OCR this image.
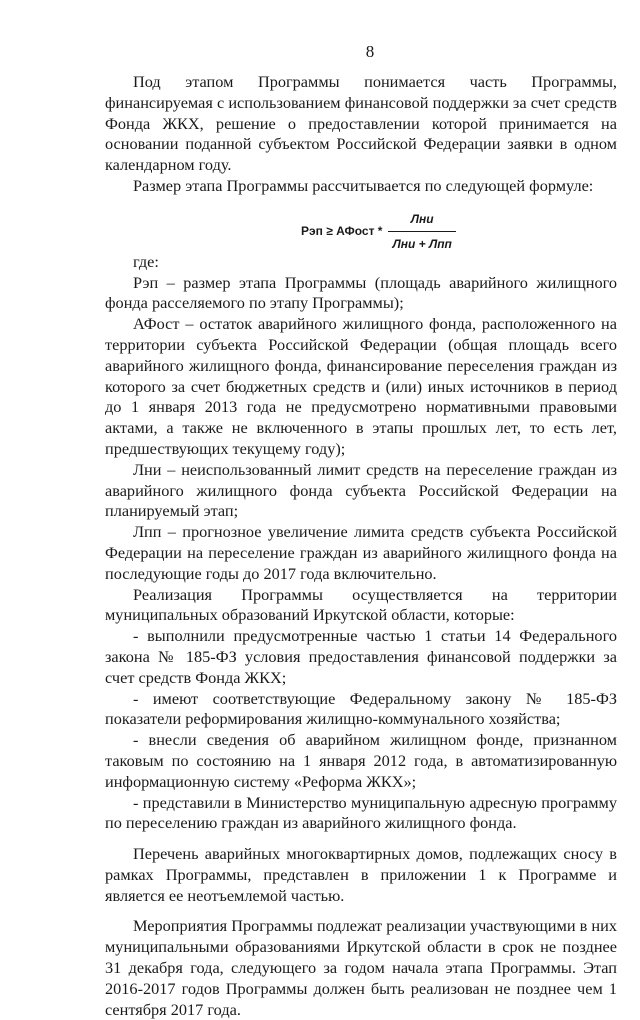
8

Под этапом Программы понимается часть Программы, финансируемая с использованием финансовой поддержки за счет средств Фонда ЖКХ, решение о предоставлении которой принимается на основании поданной субъектом Российской Федерации заявки в одном календарном году.

Размер этапа Программы рассчитывается по следующей формуле:

Рэп ≥ АФост * $\frac{\text{Лни}}{\text{Лни + Лпп}}$

где:

Рэп – размер этапа Программы (площадь аварийного жилищного фонда расселяемого по этапу Программы);

АФост – остаток аварийного жилищного фонда, расположенного на территории субъекта Российской Федерации (общая площадь всего аварийного жилищного фонда, финансирование переселения граждан из которого за счет бюджетных средств и (или) иных источников в период до 1 января 2013 года не предусмотрено нормативными правовыми актами, а также не включенного в этапы прошлых лет, то есть лет, предшествующих текущему году);

Лни – неиспользованный лимит средств на переселение граждан из аварийного жилищного фонда субъекта Российской Федерации на планируемый этап;

Лпп – прогнозное увеличение лимита средств субъекта Российской Федерации на переселение граждан из аварийного жилищного фонда на последующие годы до 2017 года включительно.

Реализация Программы осуществляется на территории муниципальных образований Иркутской области, которые:

- выполнили предусмотренные частью 1 статьи 14 Федерального закона № 185-ФЗ условия предоставления финансовой поддержки за счет средств Фонда ЖКХ;

- имеют соответствующие Федеральному закону № 185-ФЗ показатели реформирования жилищно-коммунального хозяйства;

- внесли сведения об аварийном жилищном фонде, признанном таковым по состоянию на 1 января 2012 года, в автоматизированную информационную систему «Реформа ЖКХ»;

- представили в Министерство муниципальную адресную программу по переселению граждан из аварийного жилищного фонда.

Перечень аварийных многоквартирных домов, подлежащих сносу в рамках Программы, представлен в приложении 1 к Программе и является ее неотъемлемой частью.

Мероприятия Программы подлежат реализации участвующими в них муниципальными образованиями Иркутской области в срок не позднее 31 декабря года, следующего за годом начала этапа Программы. Этап 2016-2017 годов Программы должен быть реализован не позднее чем 1 сентября 2017 года.
